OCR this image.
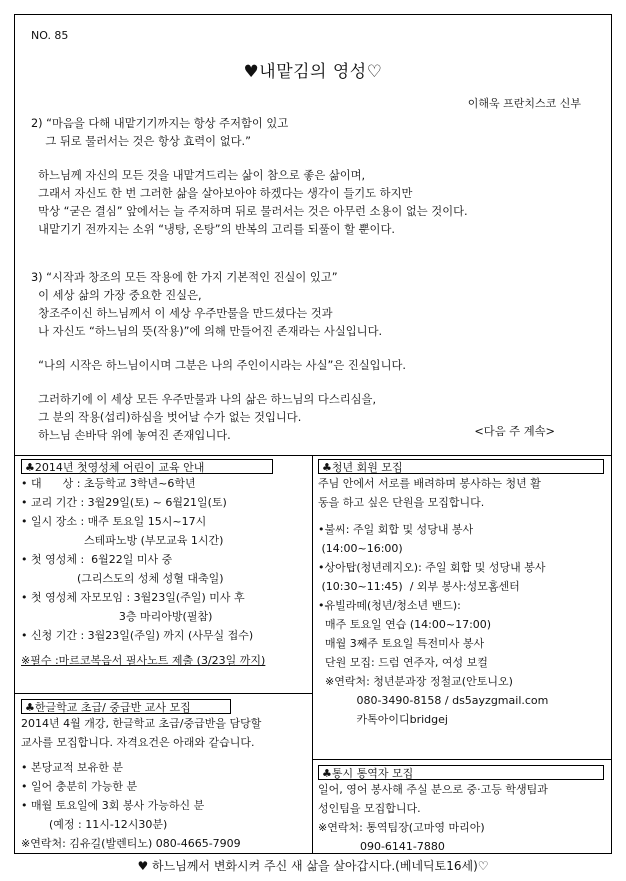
NO. 85
♥내맡김의 영성♡
이해욱 프란치스코 신부

2) “마음을 다해 내맡기기까지는 항상 주저함이 있고

그 뒤로 물러서는 것은 항상 효력이 없다.”

하느님께 자신의 모든 것을 내맡겨드리는 삶이 참으로 좋은 삶이며,

그래서 자신도 한 번 그러한 삶을 살아보아야 하겠다는 생각이 들기도 하지만

막상 “굳은 결심” 앞에서는 늘 주저하며 뒤로 물러서는 것은 아무런 소용이 없는 것이다.

내맡기기 전까지는 소위 “냉탕, 온탕”의 반복의 고리를 되풀이 할 뿐이다.

3) “시작과 창조의 모든 작용에 한 가지 기본적인 진실이 있고”

이 세상 삶의 가장 중요한 진실은,

창조주이신 하느님께서 이 세상 우주만물을 만드셨다는 것과

나 자신도 “하느님의 뜻(작용)”에 의해 만들어진 존재라는 사실입니다.

“나의 시작은 하느님이시며 그분은 나의 주인이시라는 사실”은 진실입니다.

그러하기에 이 세상 모든 우주만물과 나의 삶은 하느님의 다스리심을,

그 분의 작용(섭리)하심을 벗어날 수가 없는 것입니다.

하느님 손바닥 위에 놓여진 존재입니다.	<다음 주 계속>
♣2014년 첫영성체 어린이 교육 안내

• 대      상 : 초등학교 3학년~6학년

• 교리 기간 : 3월29일(토) ~ 6월21일(토)

• 일시 장소 : 매주 토요일 15시~17시

스테파노방 (부모교육 1시간)

• 첫 영성체 :  6월22일 미사 중

(그리스도의 성체 성혈 대축일)

• 첫 영성체 자모모임 : 3월23일(주일) 미사 후

3층 마리아방(필참)

• 신청 기간 : 3월23일(주일) 까지 (사무실 접수)

※필수 :마르코복음서 필사노트 제출 (3/23일 까지)

♣한글학교 초급/ 중급반 교사 모집

2014년 4월 개강, 한글학교 초급/중급반을 담당할

교사를 모집합니다. 자격요건은 아래와 같습니다.

• 본당교적 보유한 분

• 일어 충분히 가능한 분

• 매월 토요일에 3회 봉사 가능하신 분

(예정 : 11시-12시30분)

※연락처: 김유길(발렌티노) 080-4665-7909

♣청년 회원 모집

주님 안에서 서로를 배려하며 봉사하는 청년 활

동을 하고 싶은 단원을 모집합니다.

•불씨: 주일 회합 및 성당내 봉사

(14:00~16:00)

•상아탑(청년레지오): 주일 회합 및 성당내 봉사

(10:30~11:45)  / 외부 봉사:성모홈센터

•유빌라떼(청년/청소년 밴드):

매주 토요일 연습 (14:00~17:00)

매월 3째주 토요일 특전미사 봉사

단원 모집: 드럼 연주자, 여성 보컬

※연락처: 청년분과장 정철교(안토니오)

080-3490-8158 / ds5ayzgmail.com

카톡아이디bridgej

♣통시 통역자 모집

일어, 영어 봉사해 주실 분으로 중·고등 학생팀과

성인팀을 모집합니다.

※연락처: 통역팀장(고마영 마리아)

090-6141-7880

♥ 하느님께서 변화시켜 주신 새 삶을 살아갑시다.(베네딕토16세)♡
